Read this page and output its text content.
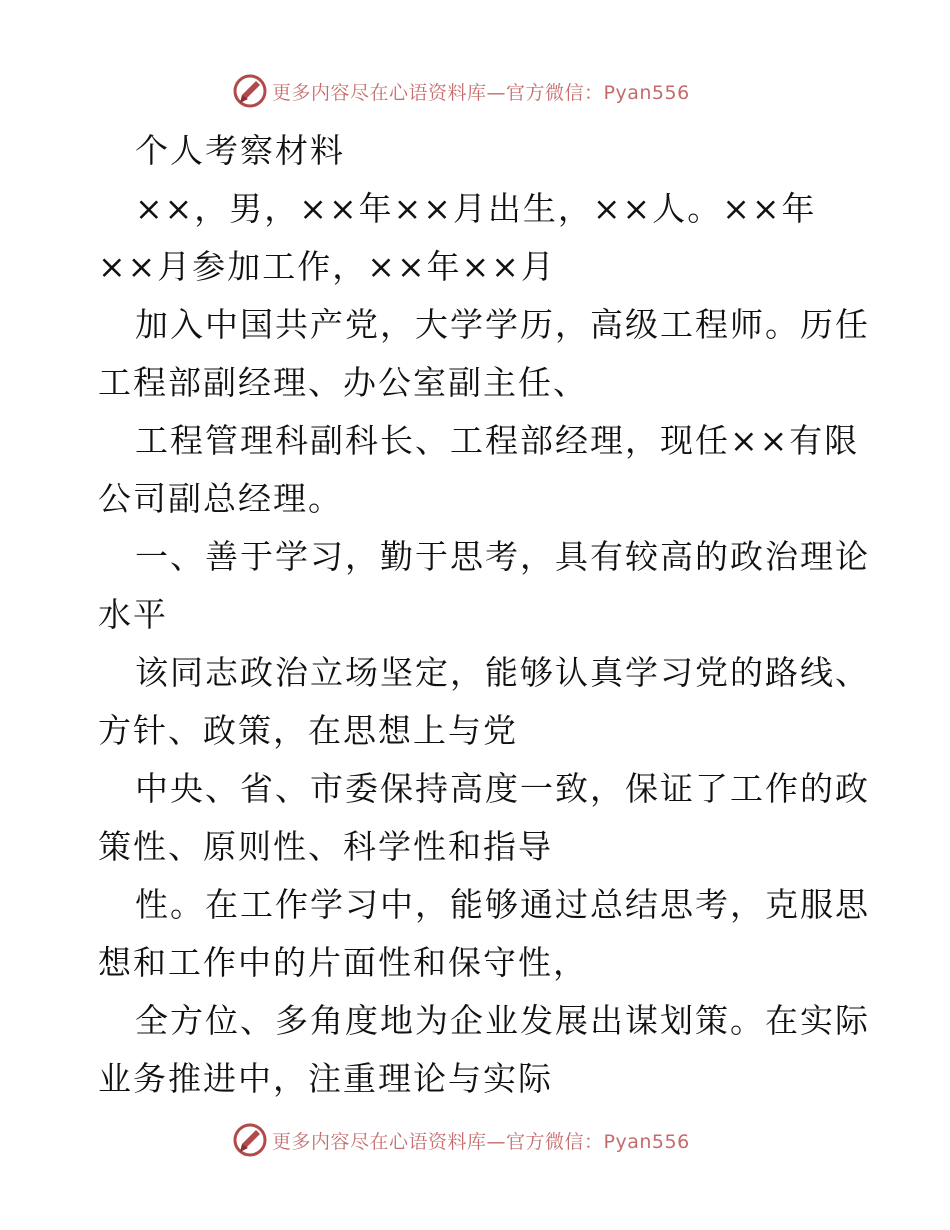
更多内容尽在心语资料库—官方微信：Pyan556
个人考察材料
××，男，××年××月出生，××人。××年
××月参加工作，××年××月
加入中国共产党，大学学历，高级工程师。历任
工程部副经理、办公室副主任、
工程管理科副科长、工程部经理，现任××有限
公司副总经理。
一、善于学习，勤于思考，具有较高的政治理论
水平
该同志政治立场坚定，能够认真学习党的路线、
方针、政策，在思想上与党
中央、省、市委保持高度一致，保证了工作的政
策性、原则性、科学性和指导
性。在工作学习中，能够通过总结思考，克服思
想和工作中的片面性和保守性，
全方位、多角度地为企业发展出谋划策。在实际
业务推进中，注重理论与实际
更多内容尽在心语资料库—官方微信：Pyan556
